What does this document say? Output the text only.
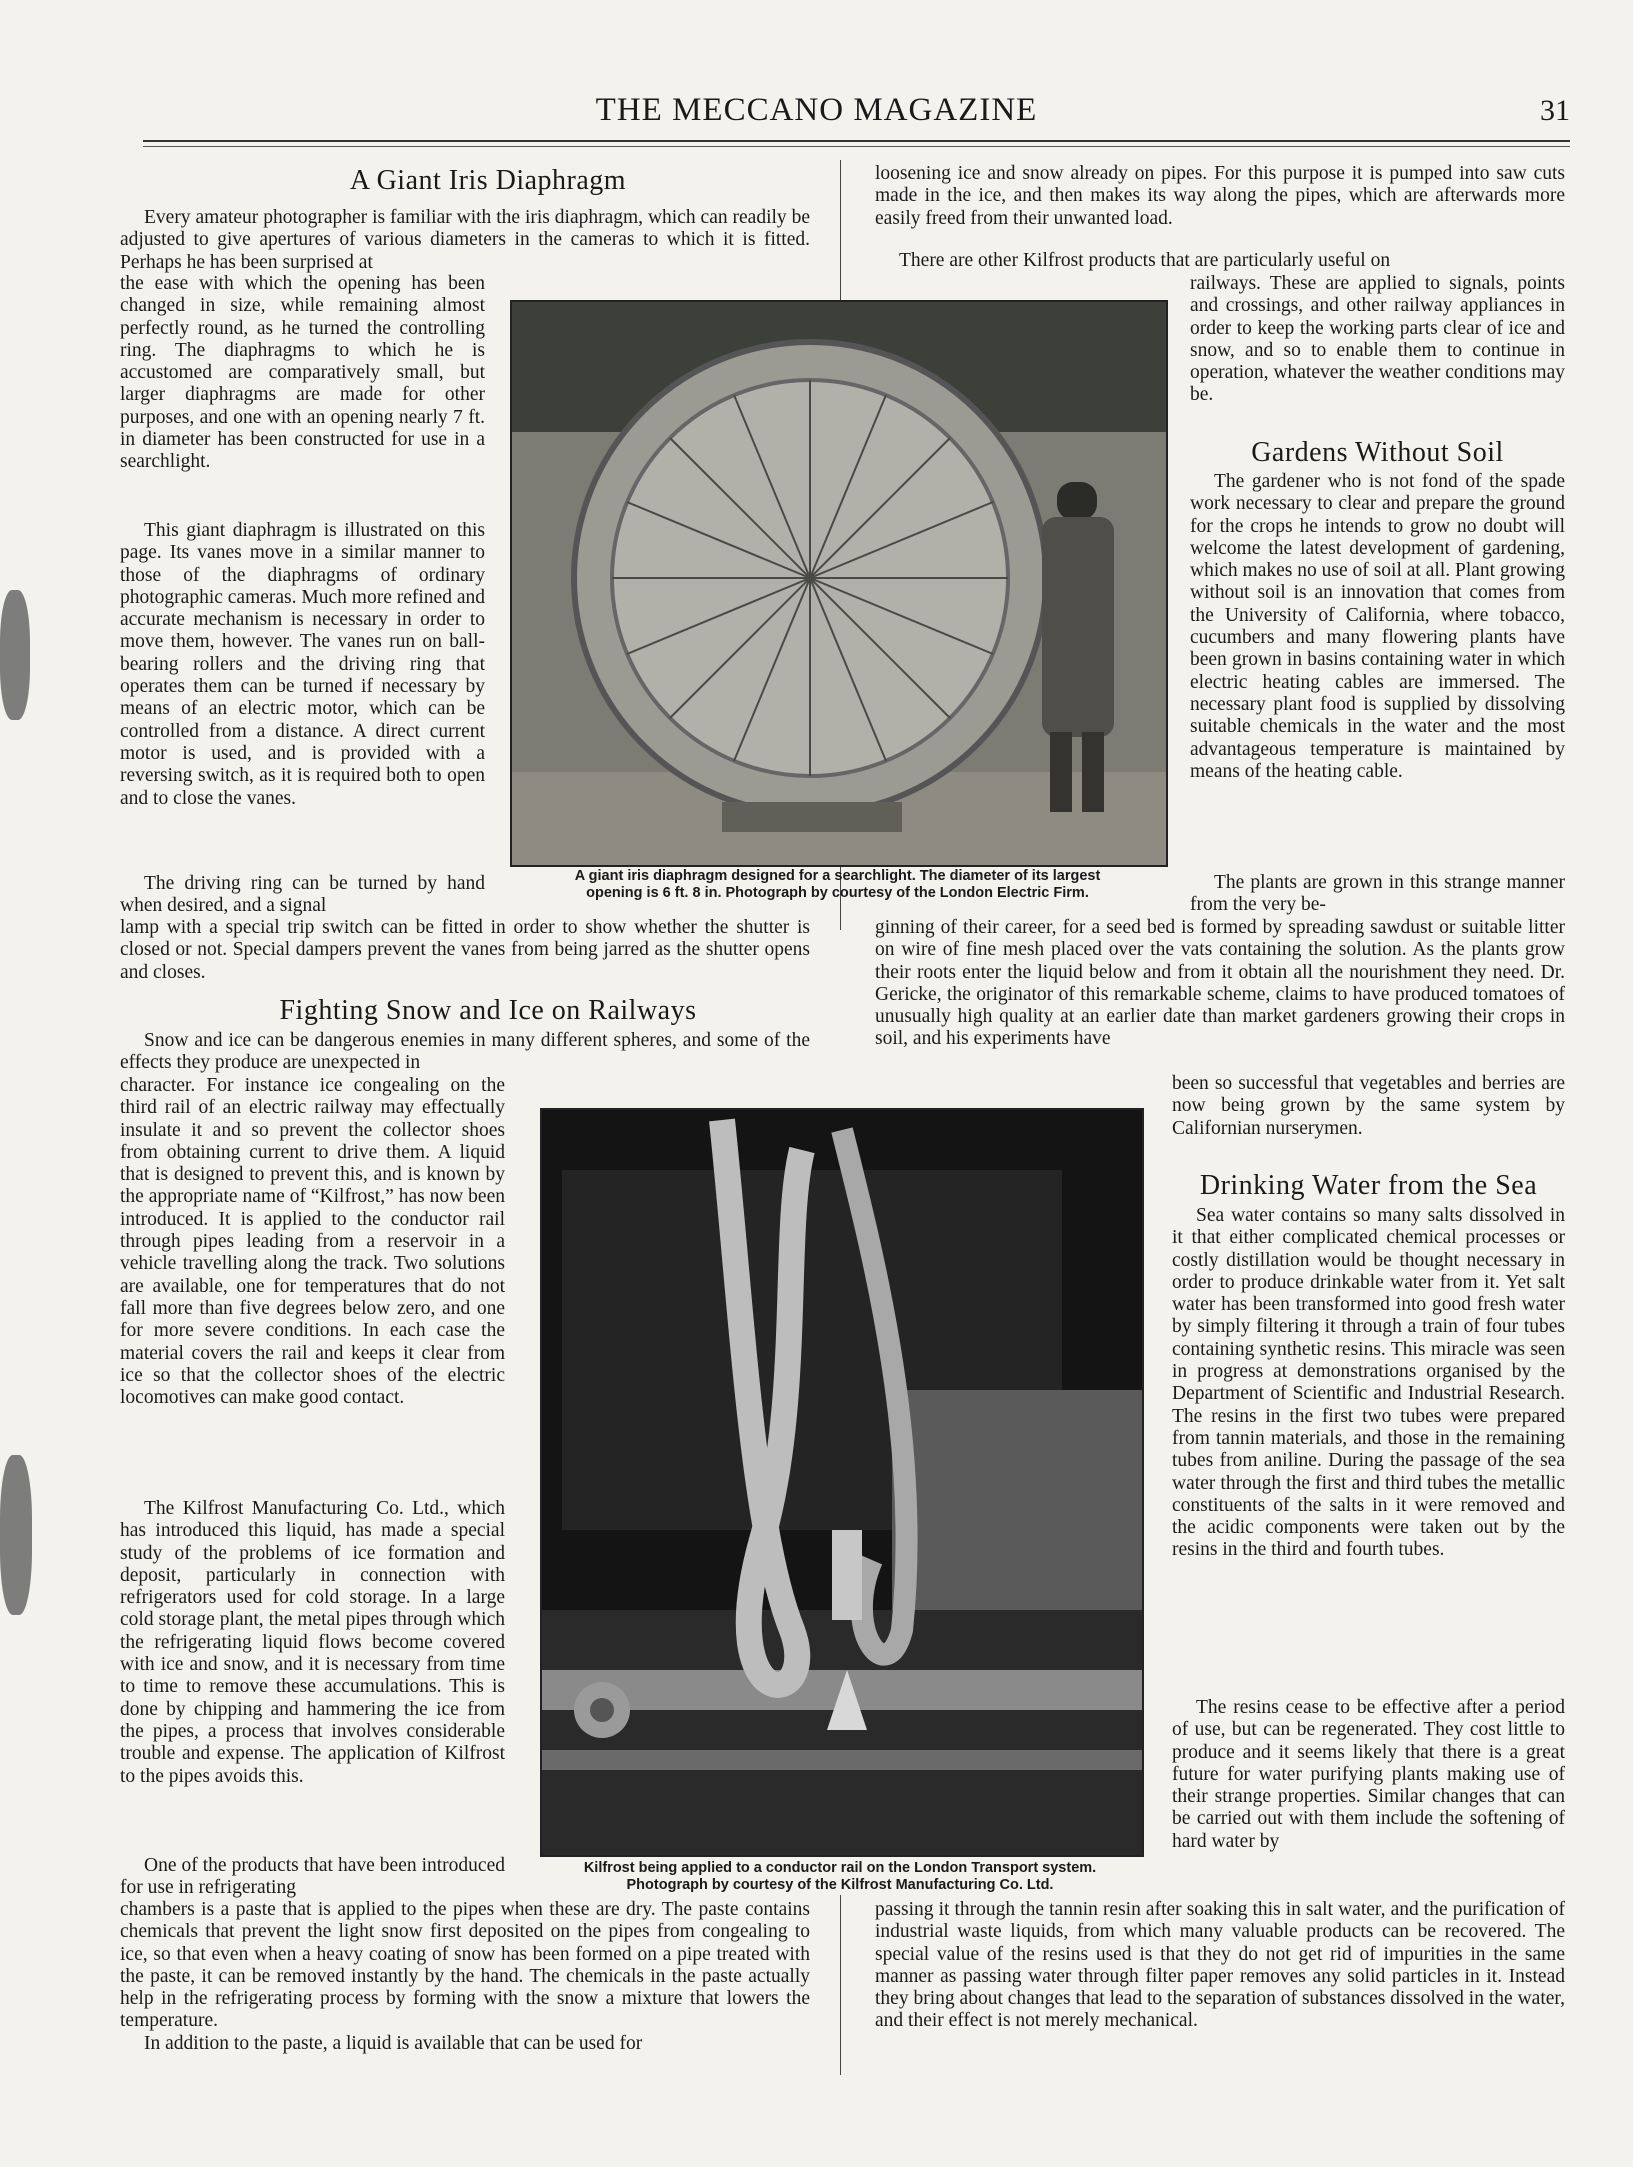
THE MECCANO MAGAZINE	31
A Giant Iris Diaphragm

Every amateur photographer is familiar with the iris diaphragm, which can readily be adjusted to give apertures of various diameters in the cameras to which it is fitted. Perhaps he has been surprised at

the ease with which the opening has been changed in size, while remaining almost perfectly round, as he turned the controlling ring. The diaphragms to which he is accustomed are comparatively small, but larger diaphragms are made for other purposes, and one with an opening nearly 7 ft. in diameter has been constructed for use in a searchlight.

This giant diaphragm is illustrated on this page. Its vanes move in a similar manner to those of the diaphragms of ordinary photographic cameras. Much more refined and accurate mechanism is necessary in order to move them, however. The vanes run on ball-bearing rollers and the driving ring that operates them can be turned if necessary by means of an electric motor, which can be controlled from a distance. A direct current motor is used, and is provided with a reversing switch, as it is required both to open and to close the vanes.

The driving ring can be turned by hand when desired, and a signal

lamp with a special trip switch can be fitted in order to show whether the shutter is closed or not. Special dampers prevent the vanes from being jarred as the shutter opens and closes.

A giant iris diaphragm designed for a searchlight. The diameter of its largest
opening is 6 ft. 8 in. Photograph by courtesy of the London Electric Firm.
Fighting Snow and Ice on Railways

Snow and ice can be dangerous enemies in many different spheres, and some of the effects they produce are unexpected in

character. For instance ice congealing on the third rail of an electric railway may effectually insulate it and so prevent the collector shoes from obtaining current to drive them. A liquid that is designed to prevent this, and is known by the appropriate name of “Kilfrost,” has now been introduced. It is applied to the conductor rail through pipes leading from a reservoir in a vehicle travelling along the track. Two solutions are available, one for temperatures that do not fall more than five degrees below zero, and one for more severe conditions. In each case the material covers the rail and keeps it clear from ice so that the collector shoes of the electric locomotives can make good contact.

The Kilfrost Manufacturing Co. Ltd., which has introduced this liquid, has made a special study of the problems of ice formation and deposit, particularly in connection with refrigerators used for cold storage. In a large cold storage plant, the metal pipes through which the refrigerating liquid flows become covered with ice and snow, and it is necessary from time to time to remove these accumulations. This is done by chipping and hammering the ice from the pipes, a process that involves considerable trouble and expense. The application of Kilfrost to the pipes avoids this.

One of the products that have been introduced for use in refrigerating

chambers is a paste that is applied to the pipes when these are dry. The paste contains chemicals that prevent the light snow first deposited on the pipes from congealing to ice, so that even when a heavy coating of snow has been formed on a pipe treated with the paste, it can be removed instantly by the hand. The chemicals in the paste actually help in the refrigerating process by forming with the snow a mixture that lowers the temperature.

In addition to the paste, a liquid is available that can be used for

Kilfrost being applied to a conductor rail on the London Transport system.
Photograph by courtesy of the Kilfrost Manufacturing Co. Ltd.

loosening ice and snow already on pipes. For this purpose it is pumped into saw cuts made in the ice, and then makes its way along the pipes, which are afterwards more easily freed from their unwanted load.

There are other Kilfrost products that are particularly useful on

railways. These are applied to signals, points and crossings, and other railway appliances in order to keep the working parts clear of ice and snow, and so to enable them to continue in operation, whatever the weather conditions may be.

Gardens Without Soil

The gardener who is not fond of the spade work necessary to clear and prepare the ground for the crops he intends to grow no doubt will welcome the latest development of gardening, which makes no use of soil at all. Plant growing without soil is an innovation that comes from the University of California, where tobacco, cucumbers and many flowering plants have been grown in basins containing water in which electric heating cables are immersed. The necessary plant food is supplied by dissolving suitable chemicals in the water and the most advantageous temperature is maintained by means of the heating cable.

The plants are grown in this strange manner from the very be-

ginning of their career, for a seed bed is formed by spreading sawdust or suitable litter on wire of fine mesh placed over the vats containing the solution. As the plants grow their roots enter the liquid below and from it obtain all the nourishment they need. Dr. Gericke, the originator of this remarkable scheme, claims to have produced tomatoes of unusually high quality at an earlier date than market gardeners growing their crops in soil, and his experiments have

been so successful that vegetables and berries are now being grown by the same system by Californian nurserymen.

Drinking Water from the Sea

Sea water contains so many salts dissolved in it that either complicated chemical processes or costly distillation would be thought necessary in order to produce drinkable water from it. Yet salt water has been transformed into good fresh water by simply filtering it through a train of four tubes containing synthetic resins. This miracle was seen in progress at demonstrations organised by the Department of Scientific and Industrial Research. The resins in the first two tubes were prepared from tannin materials, and those in the remaining tubes from aniline. During the passage of the sea water through the first and third tubes the metallic constituents of the salts in it were removed and the acidic components were taken out by the resins in the third and fourth tubes.

The resins cease to be effective after a period of use, but can be regenerated. They cost little to produce and it seems likely that there is a great future for water purifying plants making use of their strange properties. Similar changes that can be carried out with them include the softening of hard water by

passing it through the tannin resin after soaking this in salt water, and the purification of industrial waste liquids, from which many valuable products can be recovered. The special value of the resins used is that they do not get rid of impurities in the same manner as passing water through filter paper removes any solid particles in it. Instead they bring about changes that lead to the separation of substances dissolved in the water, and their effect is not merely mechanical.
